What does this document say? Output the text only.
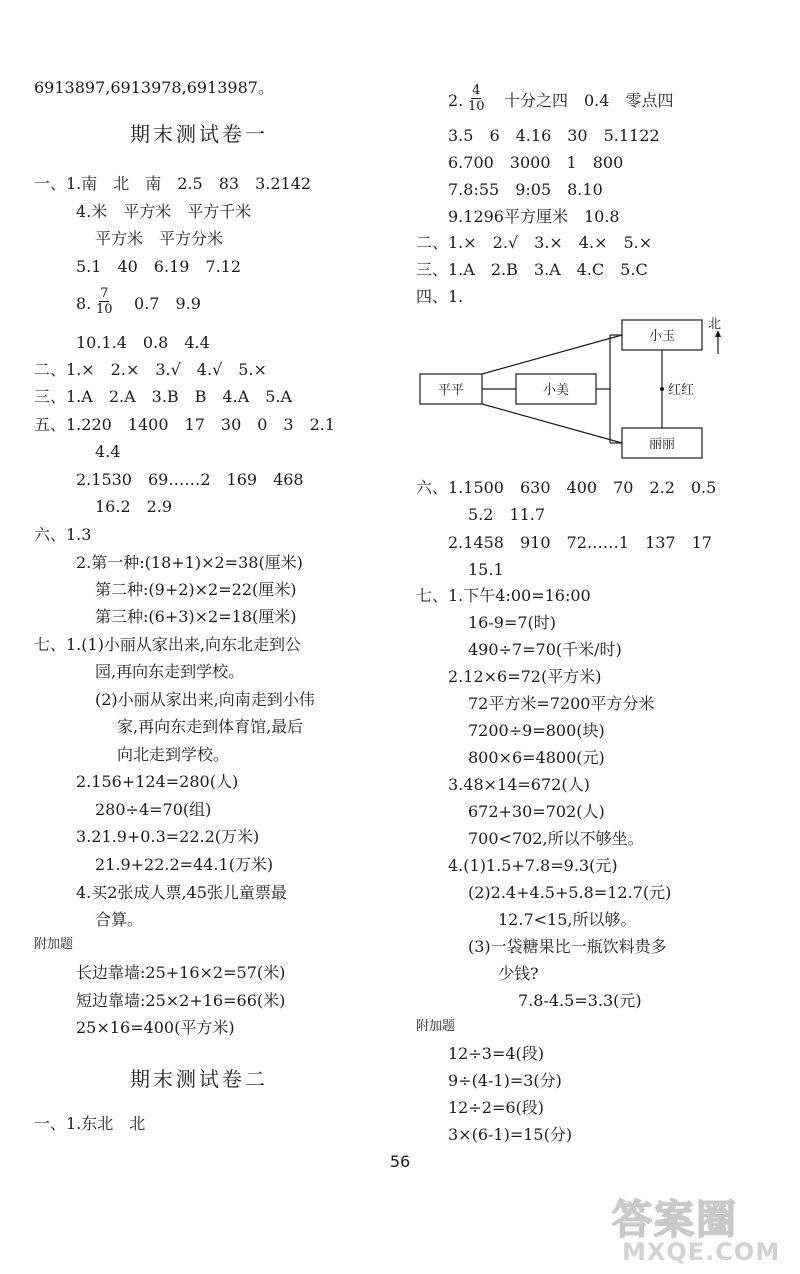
6913897,6913978,6913987。
期末测试卷一
一、1.南　北　南　2.5　83　3.2142
4.米　平方米　平方千米
平方米　平方分米
5.1　40　6.19　7.12
8. $\frac{7}{10} 0.7$　9.9
10.1.4　0.8　4.4
二、1.×　2.×　3.√　4.√　5.×
三、1.A　2.A　3.B　B　4.A　5.A
五、1.220　1400　17　30　0　3　2.1
4.4
2.1530　69……2　169　468
16.2　2.9
六、1.3
2.第一种:(18+1)×2=38(厘米)
第二种:(9+2)×2=22(厘米)
第三种:(6+3)×2=18(厘米)
七、1.(1)小丽从家出来,向东北走到公
园,再向东走到学校。
(2)小丽从家出来,向南走到小伟
家,再向东走到体育馆,最后
向北走到学校。
2.156+124=280(人)
280÷4=70(组)
3.21.9+0.3=22.2(万米)
21.9+22.2=44.1(万米)
4.买2张成人票,45张儿童票最
合算。
附加题
长边靠墙:25+16×2=57(米)
短边靠墙:25×2+16=66(米)
25×16=400(平方米)
期末测试卷二
一、1.东北　北
2. $\frac{4}{10}$ 十分之四　0.4　零点四
3.5　6　4.16　30　5.1122
6.700　3000　1　800
7.8:55　9:05　8.10
9.1296平方厘米　10.8
二、1.×　2.√　3.×　4.×　5.×
三、1.A　2.B　3.A　4.C　5.C
四、1.
六、1.1500　630　400　70　2.2　0.5
5.2　11.7
2.1458　910　72……1　137　17
15.1
七、1.下午4:00=16:00
16-9=7(时)
490÷7=70(千米/时)
2.12×6=72(平方米)
72平方米=7200平方分米
7200÷9=800(块)
800×6=4800(元)
3.48×14=672(人)
672+30=702(人)
700<702,所以不够坐。
4.(1)1.5+7.8=9.3(元)
(2)2.4+4.5+5.8=12.7(元)
12.7<15,所以够。
(3)一袋糖果比一瓶饮料贵多
少钱?
7.8-4.5=3.3(元)
附加题
12÷3=4(段)
9÷(4-1)=3(分)
12÷2=6(段)
3×(6-1)=15(分)
平平	小美
小玉
丽丽
红红
北
56
答案圈
MXQE.COM
